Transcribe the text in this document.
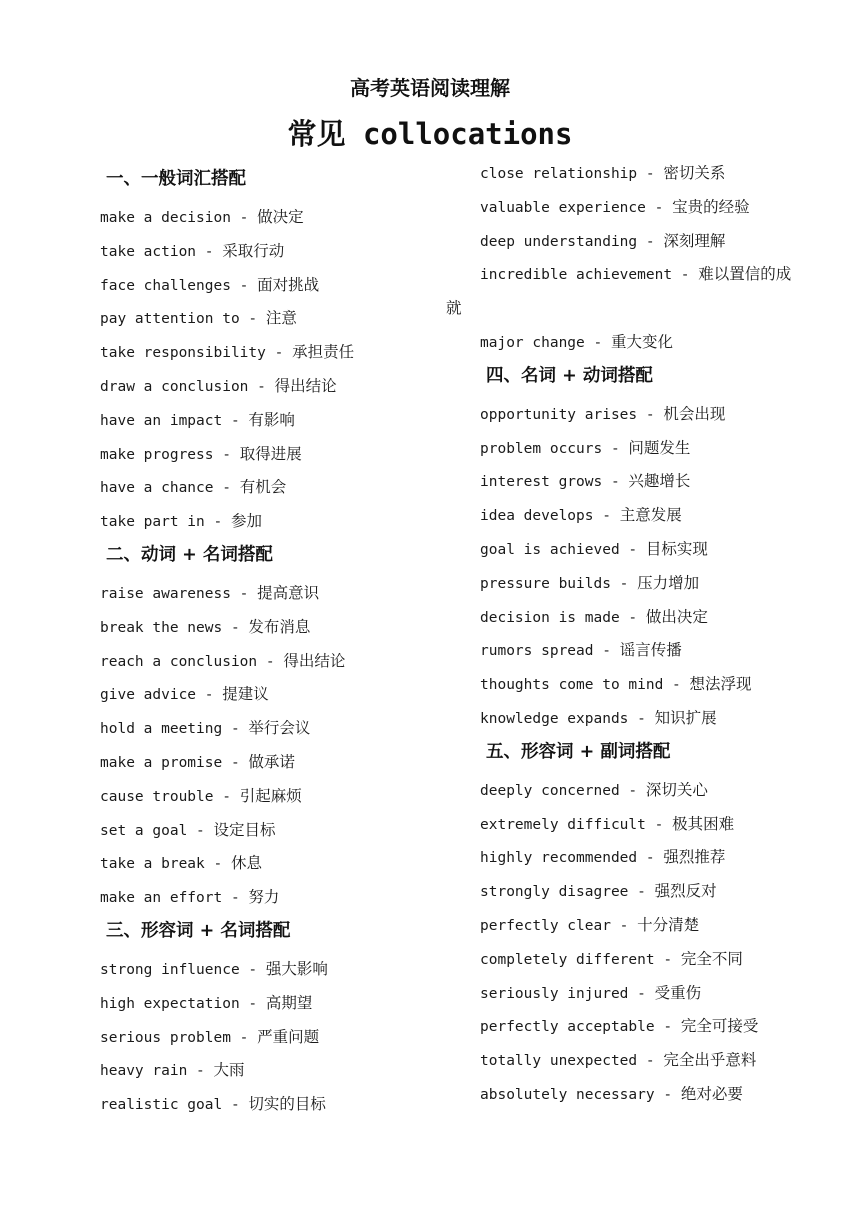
高考英语阅读理解
常见 collocations
一、一般词汇搭配
make a decision - 做决定
take action - 采取行动
face challenges - 面对挑战
pay attention to - 注意
take responsibility - 承担责任
draw a conclusion - 得出结论
have an impact - 有影响
make progress - 取得进展
have a chance - 有机会
take part in - 参加
二、动词 + 名词搭配
raise awareness - 提高意识
break the news - 发布消息
reach a conclusion - 得出结论
give advice - 提建议
hold a meeting - 举行会议
make a promise - 做承诺
cause trouble - 引起麻烦
set a goal - 设定目标
take a break - 休息
make an effort - 努力
三、形容词 + 名词搭配
strong influence - 强大影响
high expectation - 高期望
serious problem - 严重问题
heavy rain - 大雨
realistic goal - 切实的目标
close relationship - 密切关系
valuable experience - 宝贵的经验
deep understanding - 深刻理解
incredible achievement - 难以置信的成
就
major change - 重大变化
四、名词 + 动词搭配
opportunity arises - 机会出现
problem occurs - 问题发生
interest grows - 兴趣增长
idea develops - 主意发展
goal is achieved - 目标实现
pressure builds - 压力增加
decision is made - 做出决定
rumors spread - 谣言传播
thoughts come to mind - 想法浮现
knowledge expands - 知识扩展
五、形容词 + 副词搭配
deeply concerned - 深切关心
extremely difficult - 极其困难
highly recommended - 强烈推荐
strongly disagree - 强烈反对
perfectly clear - 十分清楚
completely different - 完全不同
seriously injured - 受重伤
perfectly acceptable - 完全可接受
totally unexpected - 完全出乎意料
absolutely necessary - 绝对必要
